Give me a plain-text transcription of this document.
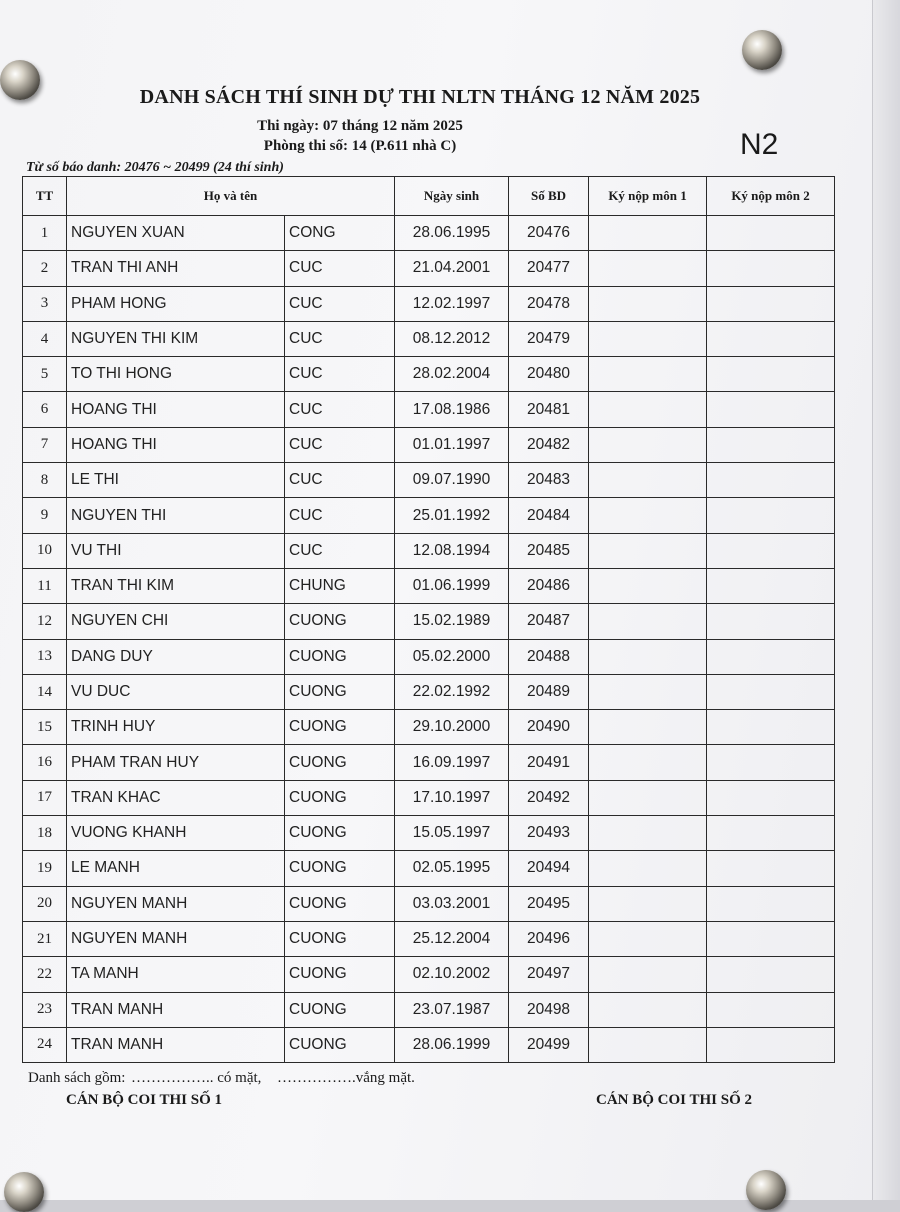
DANH SÁCH THÍ SINH DỰ THI NLTN THÁNG 12 NĂM 2025
Thi ngày: 07 tháng 12 năm 2025
Phòng thi số: 14 (P.611 nhà C)	N2
Từ số báo danh: 20476 ~ 20499 (24 thí sinh)
TT	Họ và tên		Ngày sinh	Số BD	Ký nộp môn 1	Ký nộp môn 2
1	NGUYEN XUAN	CONG	28.06.1995	20476		
2	TRAN THI ANH	CUC	21.04.2001	20477		
3	PHAM HONG	CUC	12.02.1997	20478		
4	NGUYEN THI KIM	CUC	08.12.2012	20479		
5	TO THI HONG	CUC	28.02.2004	20480		
6	HOANG THI	CUC	17.08.1986	20481		
7	HOANG THI	CUC	01.01.1997	20482		
8	LE THI	CUC	09.07.1990	20483		
9	NGUYEN THI	CUC	25.01.1992	20484		
10	VU THI	CUC	12.08.1994	20485		
11	TRAN THI KIM	CHUNG	01.06.1999	20486		
12	NGUYEN CHI	CUONG	15.02.1989	20487		
13	DANG DUY	CUONG	05.02.2000	20488		
14	VU DUC	CUONG	22.02.1992	20489		
15	TRINH HUY	CUONG	29.10.2000	20490		
16	PHAM TRAN HUY	CUONG	16.09.1997	20491		
17	TRAN KHAC	CUONG	17.10.1997	20492		
18	VUONG KHANH	CUONG	15.05.1997	20493		
19	LE MANH	CUONG	02.05.1995	20494		
20	NGUYEN MANH	CUONG	03.03.2001	20495		
21	NGUYEN MANH	CUONG	25.12.2004	20496		
22	TA MANH	CUONG	02.10.2002	20497		
23	TRAN MANH	CUONG	23.07.1987	20498		
24	TRAN MANH	CUONG	28.06.1999	20499		
Danh sách gồm: …………….. có mặt, …………….vắng mặt.
CÁN BỘ COI THI SỐ 1	CÁN BỘ COI THI SỐ 2
